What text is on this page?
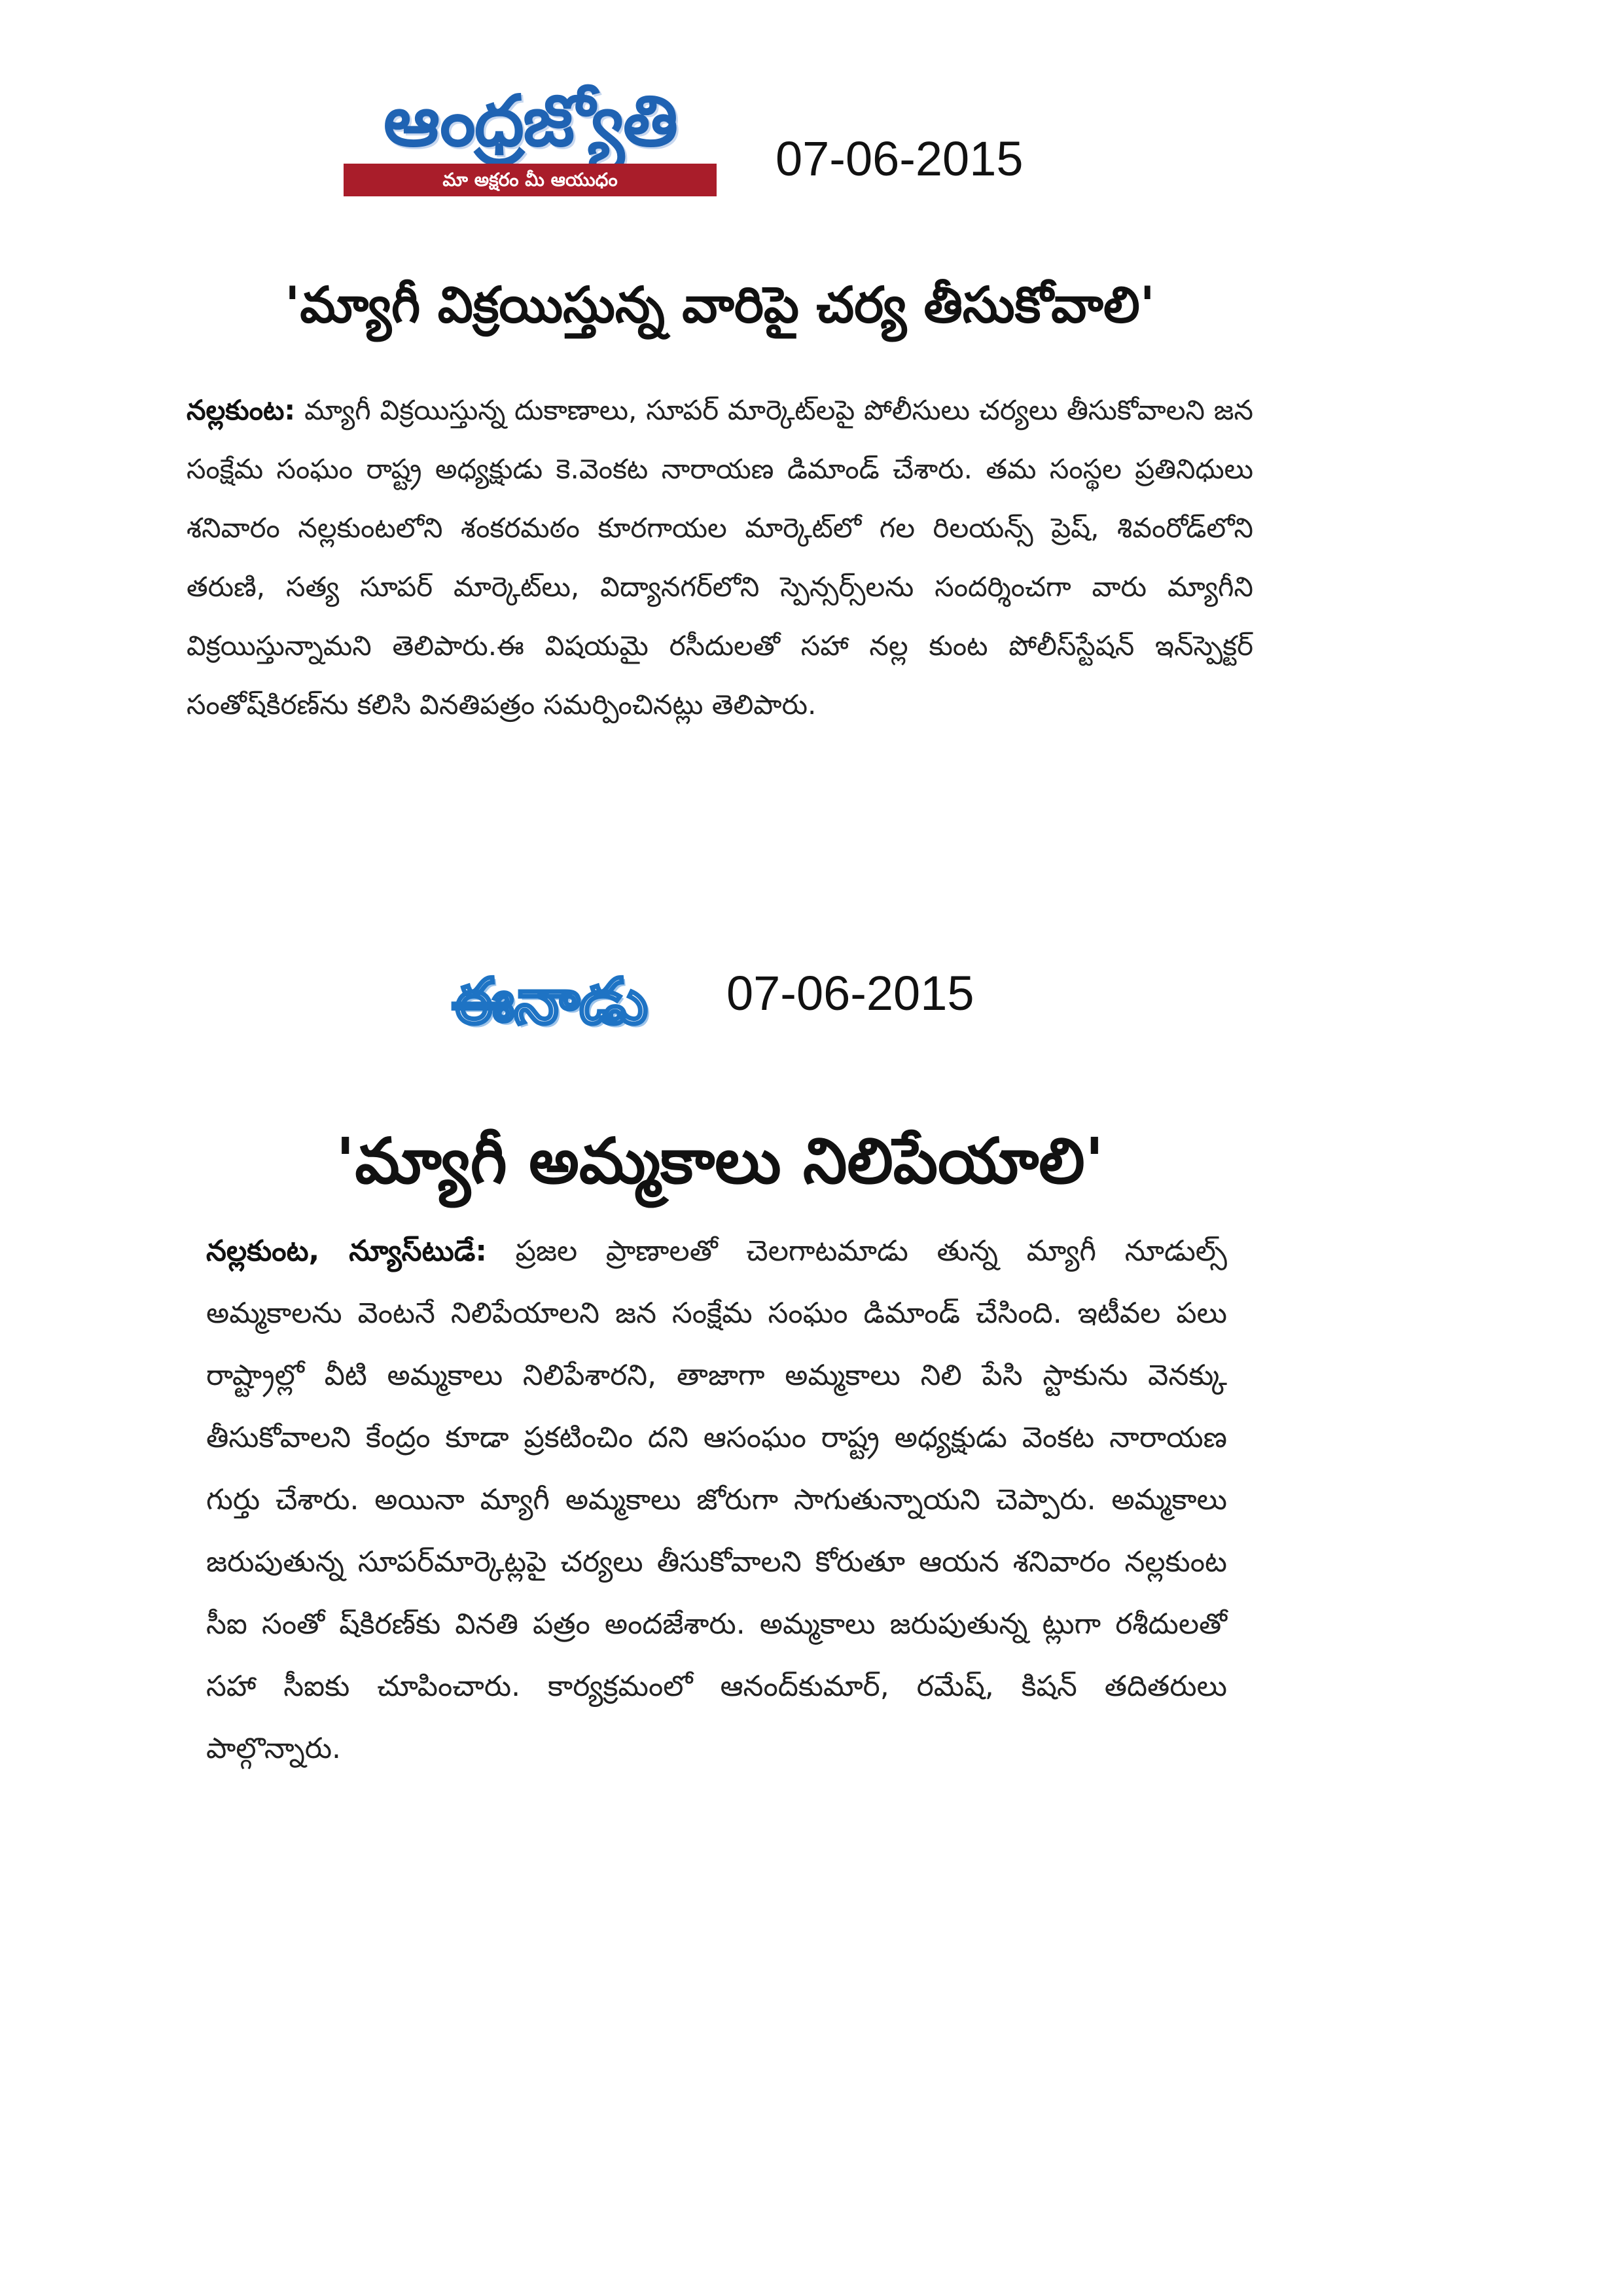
ఆంధ్రజ్యోతి
మా అక్షరం మీ ఆయుధం	07-06-2015
'మ్యాగీ విక్రయిస్తున్న వారిపై చర్య తీసుకోవాలి'

నల్లకుంట: మ్యాగీ విక్రయిస్తున్న దుకాణాలు, సూపర్ మార్కెట్‌లపై పోలీసులు చర్యలు తీసుకోవాలని జన సంక్షేమ సంఘం రాష్ట్ర అధ్యక్షుడు కె.వెంకట నారాయణ డిమాండ్ చేశారు. తమ సంస్థల ప్రతినిధులు శనివారం నల్లకుంటలోని శంకరమఠం కూరగాయల మార్కెట్‌లో గల రిలయన్స్ ప్రెష్, శివంరోడ్‌లోని తరుణి, సత్య సూపర్ మార్కెట్‌లు, విద్యానగర్‌లోని స్పెన్సర్స్‌లను సందర్శించగా వారు మ్యాగీని విక్రయిస్తున్నామని తెలిపారు.ఈ విషయమై రసీదులతో సహా నల్ల కుంట పోలీస్‌స్టేషన్ ఇన్‌స్పెక్టర్ సంతోష్‌కిరణ్‌ను కలిసి వినతిపత్రం సమర్పించినట్లు తెలిపారు.

ఈనాడు	07-06-2015
'మ్యాగీ అమ్మకాలు నిలిపేయాలి'

నల్లకుంట, న్యూస్‌టుడే: ప్రజల ప్రాణాలతో చెలగాటమాడు తున్న మ్యాగీ నూడుల్స్ అమ్మకాలను వెంటనే నిలిపేయాలని జన సంక్షేమ సంఘం డిమాండ్ చేసింది. ఇటీవల పలు రాష్ట్రాల్లో వీటి అమ్మకాలు నిలిపేశారని, తాజాగా అమ్మకాలు నిలి పేసి స్టాకును వెనక్కు తీసుకోవాలని కేంద్రం కూడా ప్రకటించిం దని ఆసంఘం రాష్ట్ర అధ్యక్షుడు వెంకట నారాయణ గుర్తు చేశారు. అయినా మ్యాగీ అమ్మకాలు జోరుగా సాగుతున్నాయని చెప్పారు. అమ్మకాలు జరుపుతున్న సూపర్‌మార్కెట్లపై చర్యలు తీసుకోవాలని కోరుతూ ఆయన శనివారం నల్లకుంట సీఐ సంతో ష్‌కిరణ్‌కు వినతి పత్రం అందజేశారు. అమ్మకాలు జరుపుతున్న ట్లుగా రశీదులతో సహా సీఐకు చూపించారు. కార్యక్రమంలో ఆనంద్‌కుమార్, రమేష్, కిషన్ తదితరులు పాల్గొన్నారు.
